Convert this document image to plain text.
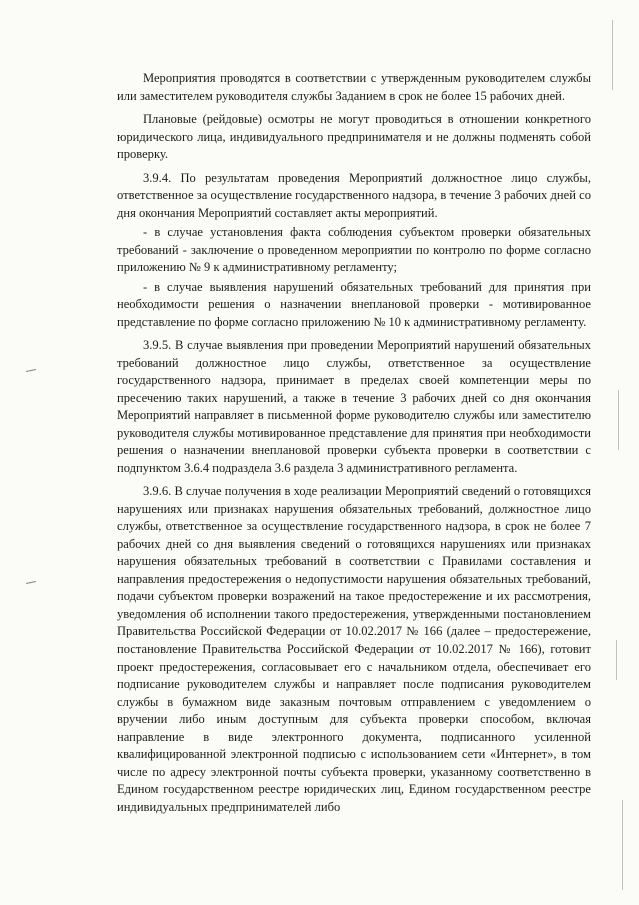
Мероприятия проводятся в соответствии с утвержденным руководителем службы или заместителем руководителя службы Заданием в срок не более 15 рабочих дней.

Плановые (рейдовые) осмотры не могут проводиться в отношении конкретного юридического лица, индивидуального предпринимателя и не должны подменять собой проверку.

3.9.4. По результатам проведения Мероприятий должностное лицо службы, ответственное за осуществление государственного надзора, в течение 3 рабочих дней со дня окончания Мероприятий составляет акты мероприятий.

- в случае установления факта соблюдения субъектом проверки обязательных требований - заключение о проведенном мероприятии по контролю по форме согласно приложению № 9 к административному регламенту;

- в случае выявления нарушений обязательных требований для принятия при необходимости решения о назначении внеплановой проверки - мотивированное представление по форме согласно приложению № 10 к административному регламенту.

3.9.5. В случае выявления при проведении Мероприятий нарушений обязательных требований должностное лицо службы, ответственное за осуществление государственного надзора, принимает в пределах своей компетенции меры по пресечению таких нарушений, а также в течение 3 рабочих дней со дня окончания Мероприятий направляет в письменной форме руководителю службы или заместителю руководителя службы мотивированное представление для принятия при необходимости решения о назначении внеплановой проверки субъекта проверки в соответствии с подпунктом 3.6.4 подраздела 3.6 раздела 3 административного регламента.

3.9.6. В случае получения в ходе реализации Мероприятий сведений о готовящихся нарушениях или признаках нарушения обязательных требований, должностное лицо службы, ответственное за осуществление государственного надзора, в срок не более 7 рабочих дней со дня выявления сведений о готовящихся нарушениях или признаках нарушения обязательных требований в соответствии с Правилами составления и направления предостережения о недопустимости нарушения обязательных требований, подачи субъектом проверки возражений на такое предостережение и их рассмотрения, уведомления об исполнении такого предостережения, утвержденными постановлением Правительства Российской Федерации от 10.02.2017 № 166 (далее – предостережение, постановление Правительства Российской Федерации от 10.02.2017 № 166), готовит проект предостережения, согласовывает его с начальником отдела, обеспечивает его подписание руководителем службы и направляет после подписания руководителем службы в бумажном виде заказным почтовым отправлением с уведомлением о вручении либо иным доступным для субъекта проверки способом, включая направление в виде электронного документа, подписанного усиленной квалифицированной электронной подписью с использованием сети «Интернет», в том числе по адресу электронной почты субъекта проверки, указанному соответственно в Едином государственном реестре юридических лиц, Едином государственном реестре индивидуальных предпринимателей либо
